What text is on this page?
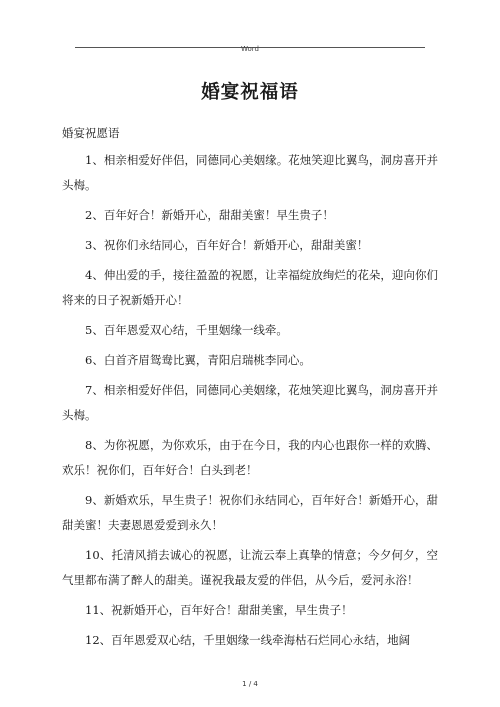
Word
婚宴祝福语

婚宴祝愿语

1、相亲相爱好伴侣，同德同心美姻缘。花烛笑迎比翼鸟，洞房喜开并头梅。

2、百年好合！新婚开心，甜甜美蜜！早生贵子！

3、祝你们永结同心，百年好合！新婚开心，甜甜美蜜！

4、伸出爱的手，接往盈盈的祝愿，让幸福绽放绚烂的花朵，迎向你们将来的日子祝新婚开心！

5、百年恩爱双心结，千里姻缘一线牵。

6、白首齐眉鸳鸯比翼，青阳启瑞桃李同心。

7、相亲相爱好伴侣，同德同心美姻缘，花烛笑迎比翼鸟，洞房喜开并头梅。

8、为你祝愿，为你欢乐，由于在今日，我的内心也跟你一样的欢腾、欢乐！祝你们，百年好合！白头到老！

9、新婚欢乐，早生贵子！祝你们永结同心，百年好合！新婚开心，甜甜美蜜！夫妻恩恩爱爱到永久！

10、托清风捎去诚心的祝愿，让流云奉上真挚的情意；今夕何夕，空气里都布满了醉人的甜美。谨祝我最友爱的伴侣，从今后，爱河永浴！

11、祝新婚开心，百年好合！甜甜美蜜，早生贵子！

12、百年恩爱双心结，千里姻缘一线牵海枯石烂同心永结，地阔

1 / 4
